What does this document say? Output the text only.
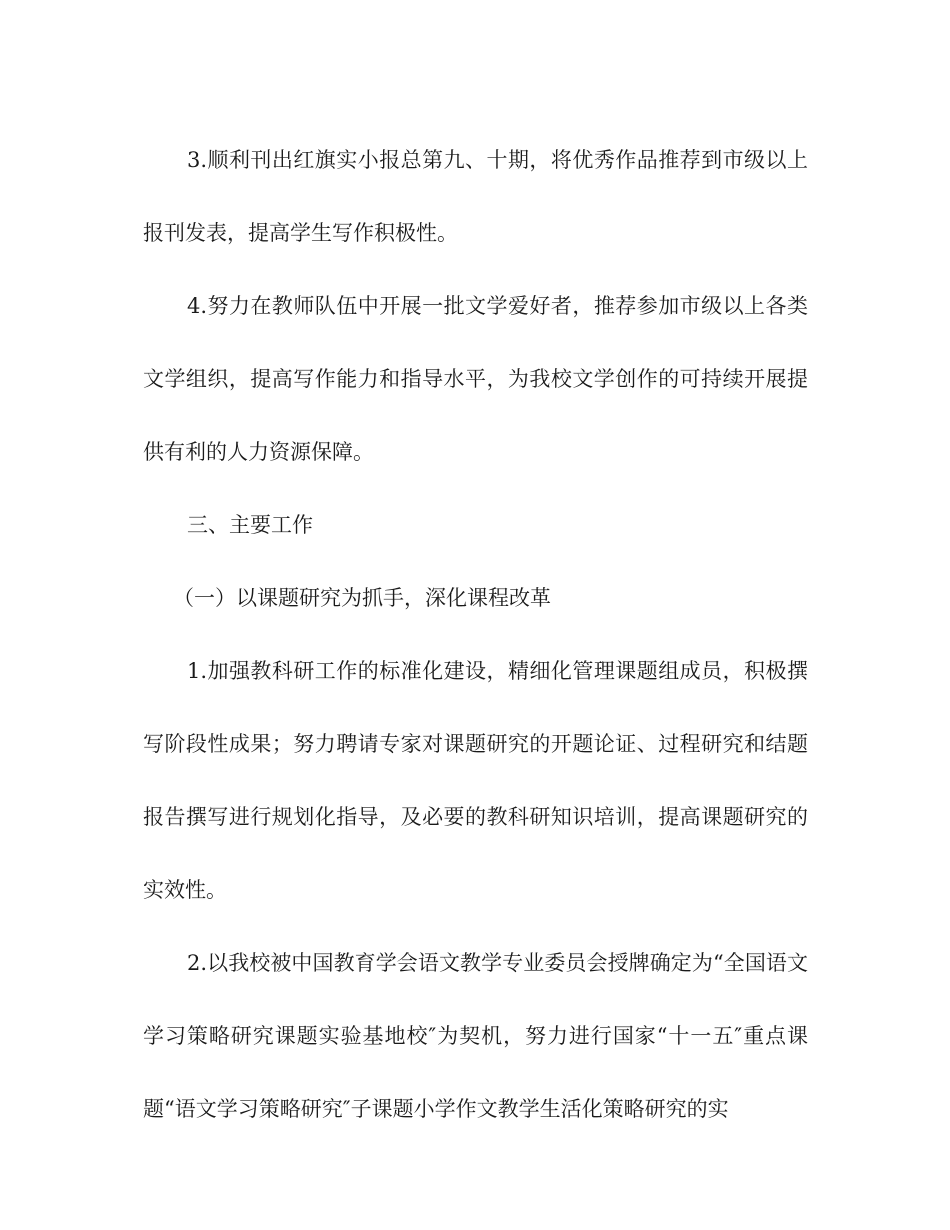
3.顺利刊出红旗实小报总第九、十期，将优秀作品推荐到市级以上报刊发表，提高学生写作积极性。

4.努力在教师队伍中开展一批文学爱好者，推荐参加市级以上各类文学组织，提高写作能力和指导水平，为我校文学创作的可持续开展提供有利的人力资源保障。

三、主要工作

（一）以课题研究为抓手，深化课程改革

1.加强教科研工作的标准化建设，精细化管理课题组成员，积极撰写阶段性成果；努力聘请专家对课题研究的开题论证、过程研究和结题报告撰写进行规划化指导，及必要的教科研知识培训，提高课题研究的实效性。

2.以我校被中国教育学会语文教学专业委员会授牌确定为“全国语文学习策略研究课题实验基地校″为契机，努力进行国家“十一五″重点课题“语文学习策略研究″子课题小学作文教学生活化策略研究的实
